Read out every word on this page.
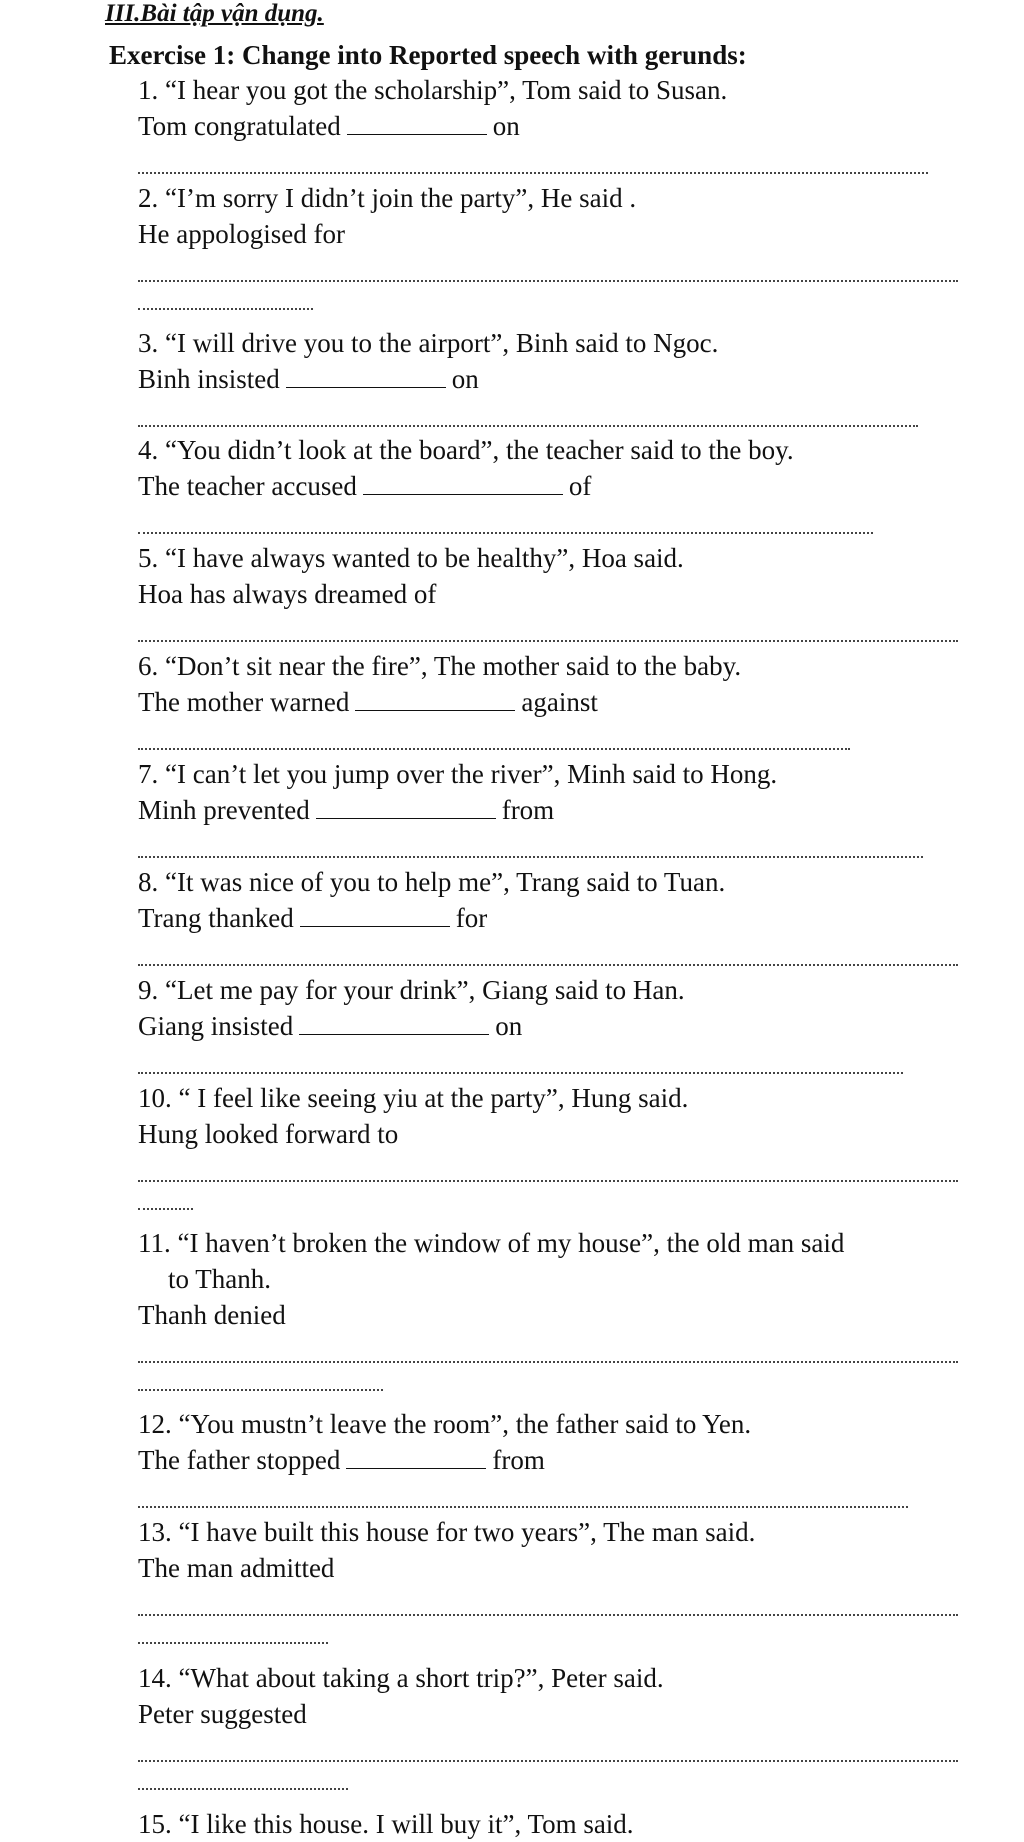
III.Bài tập vận dụng.
Exercise 1: Change into Reported speech with gerunds:
1. “I hear you got the scholarship”, Tom said to Susan.
Tom congratulated	on
2. “I’m sorry I didn’t join the party”, He said .
He appologised for
3. “I will drive you to the airport”, Binh said to Ngoc.
Binh insisted	on
4. “You didn’t look at the board”, the teacher said to the boy.
The teacher accused	of
5. “I have always wanted to be healthy”, Hoa said.
Hoa has always dreamed of
6. “Don’t sit near the fire”, The mother said to the baby.
The mother warned	against
7. “I can’t let you jump over the river”, Minh said to Hong.
Minh prevented	from
8. “It was nice of you to help me”, Trang said to Tuan.
Trang thanked	for
9. “Let me pay for your drink”, Giang said to Han.
Giang insisted	on
10. “ I feel like seeing yiu at the party”, Hung said.
Hung looked forward to
11. “I haven’t broken the window of my house”, the old man said
to Thanh.
Thanh denied
12. “You mustn’t leave the room”, the father said to Yen.
The father stopped	from
13. “I have built this house for two years”, The man said.
The man admitted
14. “What about taking a short trip?”, Peter said.
Peter suggested
15. “I like this house. I will buy it”, Tom said.
